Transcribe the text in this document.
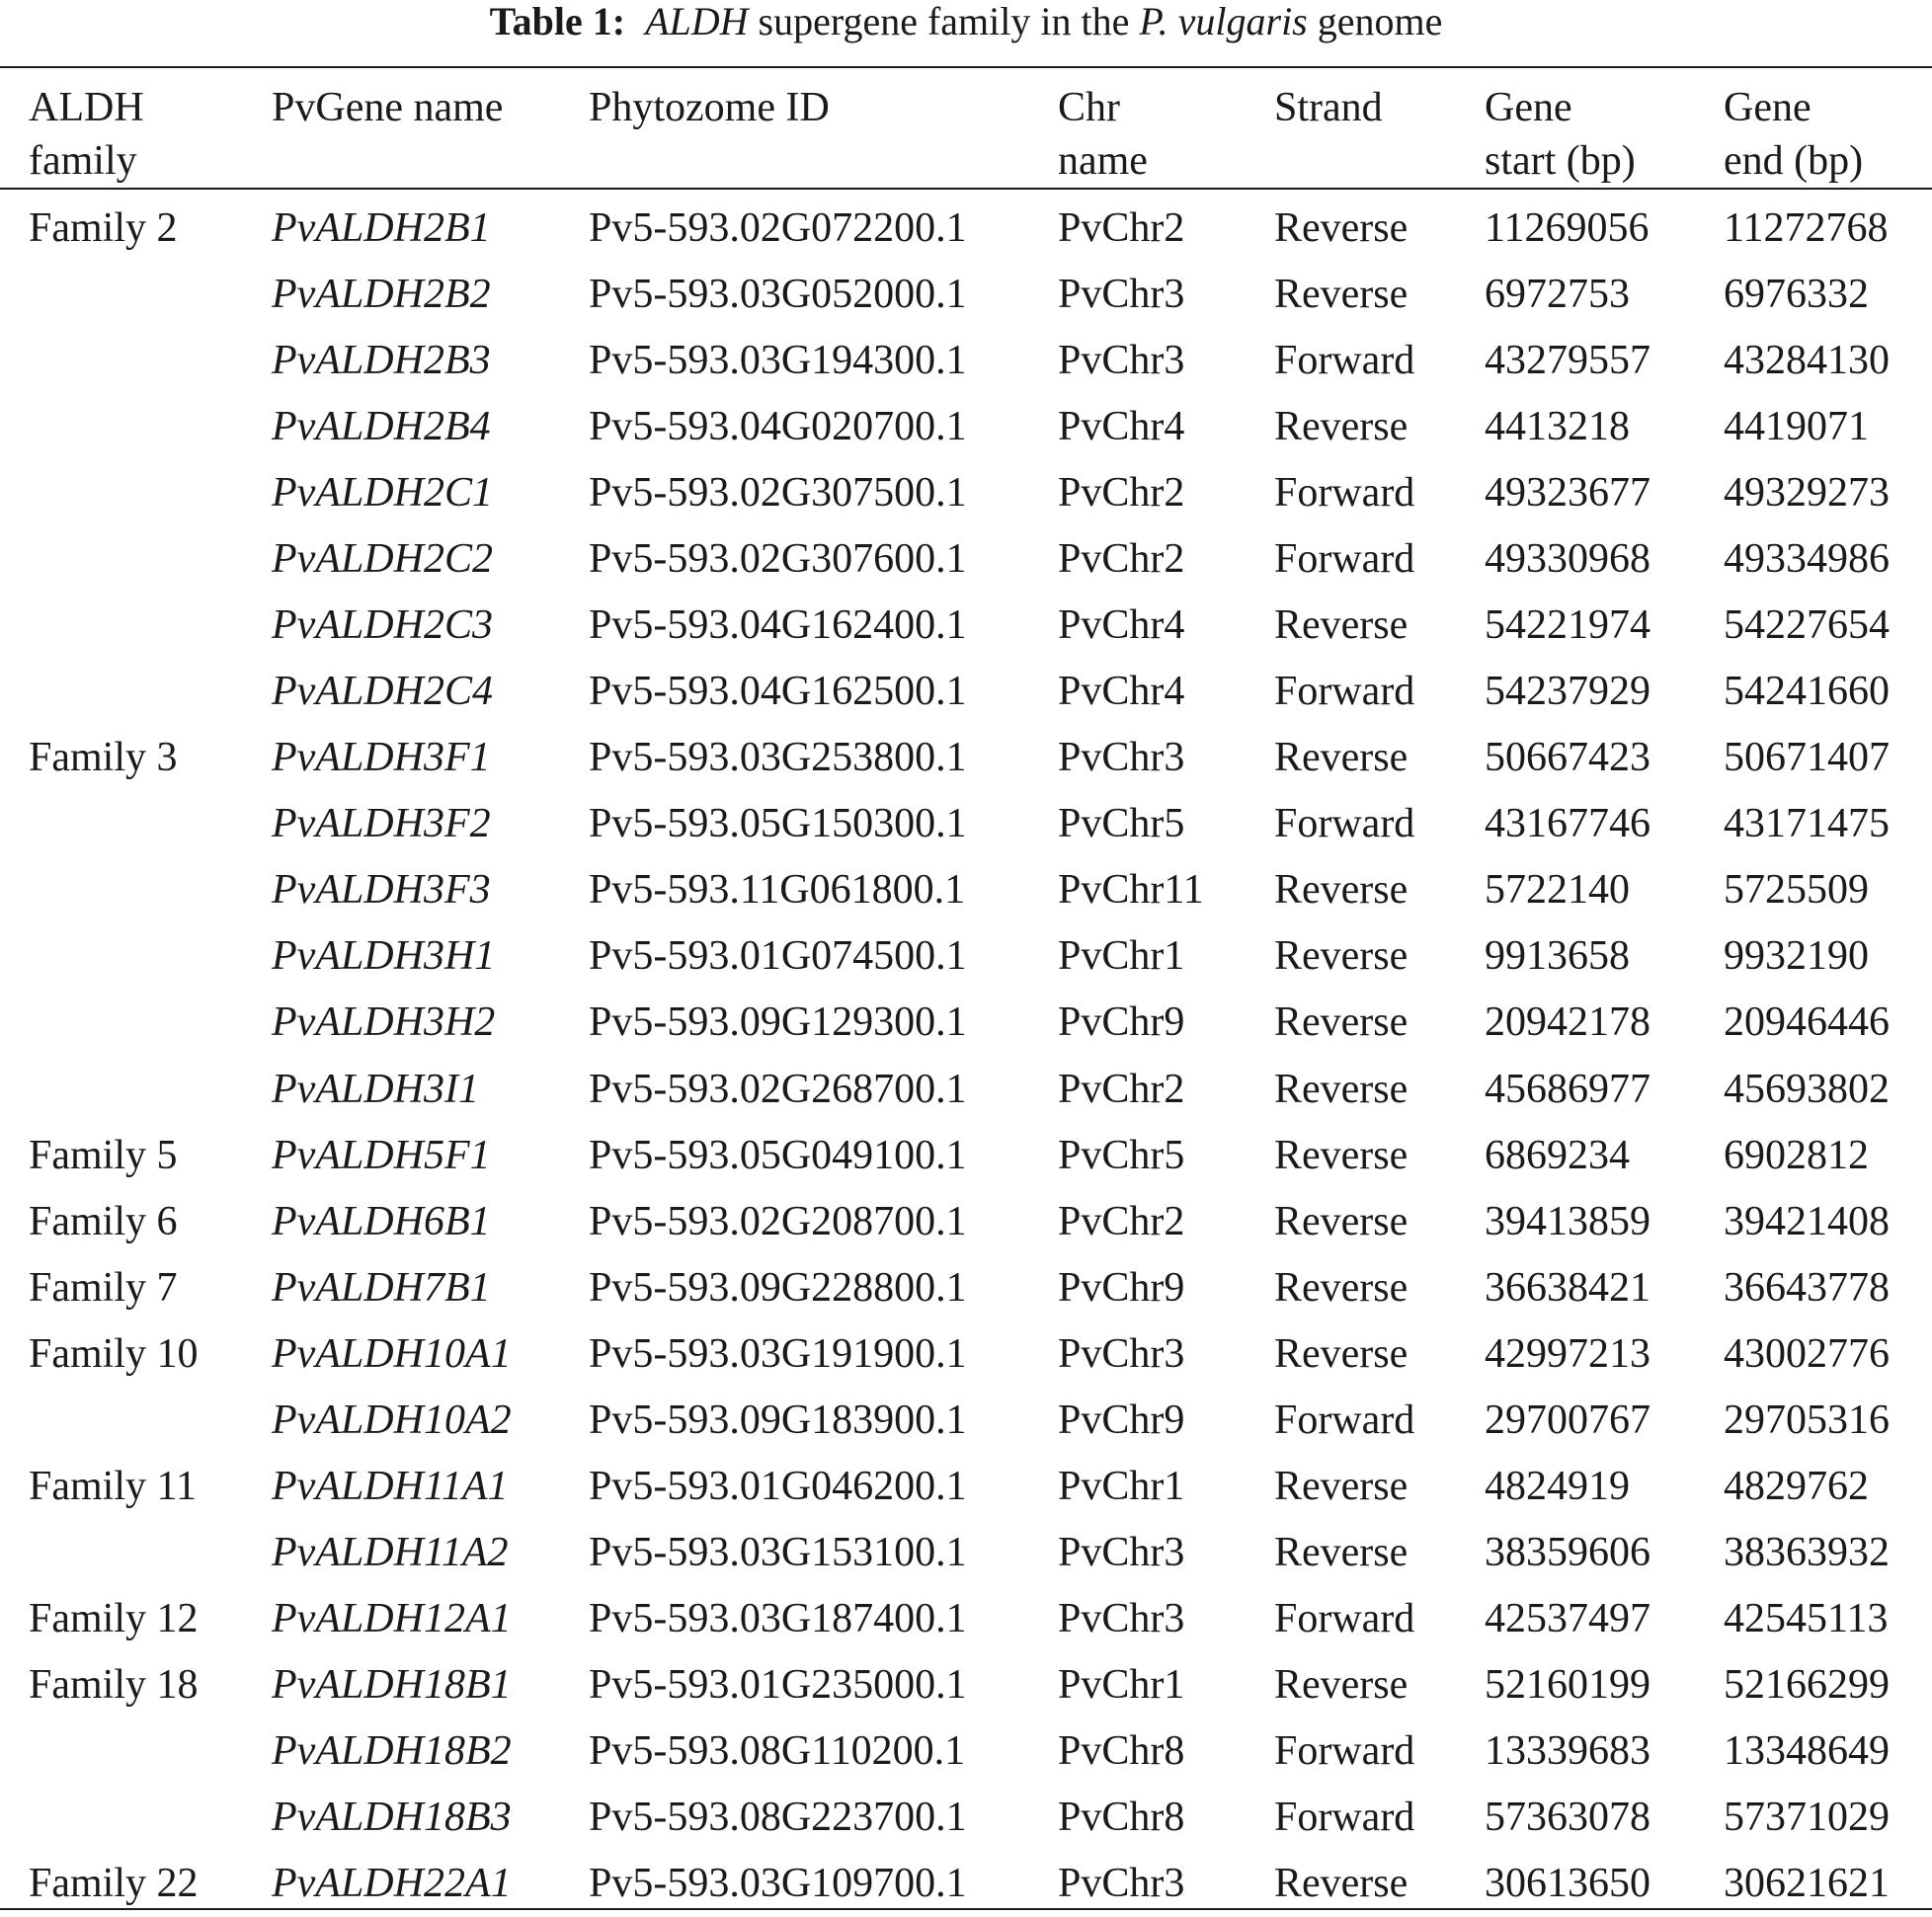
Table 1:  ALDH supergene family in the P. vulgaris genome
ALDH
family
PvGene name Phytozome ID	Chr
name
Strand Gene
start (bp)
Gene
end (bp)
Family 2 PvALDH2B1 Pv5-593.02G072200.1 PvChr2 Reverse 11269056 11272768
PvALDH2B2 Pv5-593.03G052000.1 PvChr3 Reverse 6972753 6976332
PvALDH2B3 Pv5-593.03G194300.1 PvChr3 Forward 43279557 43284130
PvALDH2B4 Pv5-593.04G020700.1 PvChr4 Reverse 4413218 4419071
PvALDH2C1 Pv5-593.02G307500.1 PvChr2 Forward 49323677 49329273
PvALDH2C2 Pv5-593.02G307600.1 PvChr2 Forward 49330968 49334986
PvALDH2C3 Pv5-593.04G162400.1 PvChr4 Reverse 54221974 54227654
PvALDH2C4 Pv5-593.04G162500.1 PvChr4 Forward 54237929 54241660
Family 3 PvALDH3F1 Pv5-593.03G253800.1 PvChr3 Reverse 50667423 50671407
PvALDH3F2 Pv5-593.05G150300.1 PvChr5 Forward 43167746 43171475
PvALDH3F3 Pv5-593.11G061800.1 PvChr11 Reverse 5722140 5725509
PvALDH3H1 Pv5-593.01G074500.1 PvChr1 Reverse 9913658 9932190
PvALDH3H2 Pv5-593.09G129300.1 PvChr9 Reverse 20942178 20946446
PvALDH3I1	Pv5-593.02G268700.1 PvChr2 Reverse 45686977 45693802
Family 5 PvALDH5F1 Pv5-593.05G049100.1 PvChr5 Reverse 6869234 6902812
Family 6 PvALDH6B1 Pv5-593.02G208700.1 PvChr2 Reverse 39413859 39421408
Family 7 PvALDH7B1 Pv5-593.09G228800.1 PvChr9 Reverse 36638421 36643778
Family 10 PvALDH10A1 Pv5-593.03G191900.1 PvChr3 Reverse 42997213 43002776
PvALDH10A2 Pv5-593.09G183900.1 PvChr9 Forward 29700767 29705316
Family 11 PvALDH11A1 Pv5-593.01G046200.1 PvChr1 Reverse 4824919 4829762
PvALDH11A2 Pv5-593.03G153100.1 PvChr3 Reverse 38359606 38363932
Family 12 PvALDH12A1 Pv5-593.03G187400.1 PvChr3 Forward 42537497 42545113
Family 18 PvALDH18B1 Pv5-593.01G235000.1 PvChr1 Reverse 52160199 52166299
PvALDH18B2 Pv5-593.08G110200.1 PvChr8 Forward 13339683 13348649
PvALDH18B3 Pv5-593.08G223700.1 PvChr8 Forward 57363078 57371029
Family 22 PvALDH22A1 Pv5-593.03G109700.1 PvChr3 Reverse 30613650 30621621
